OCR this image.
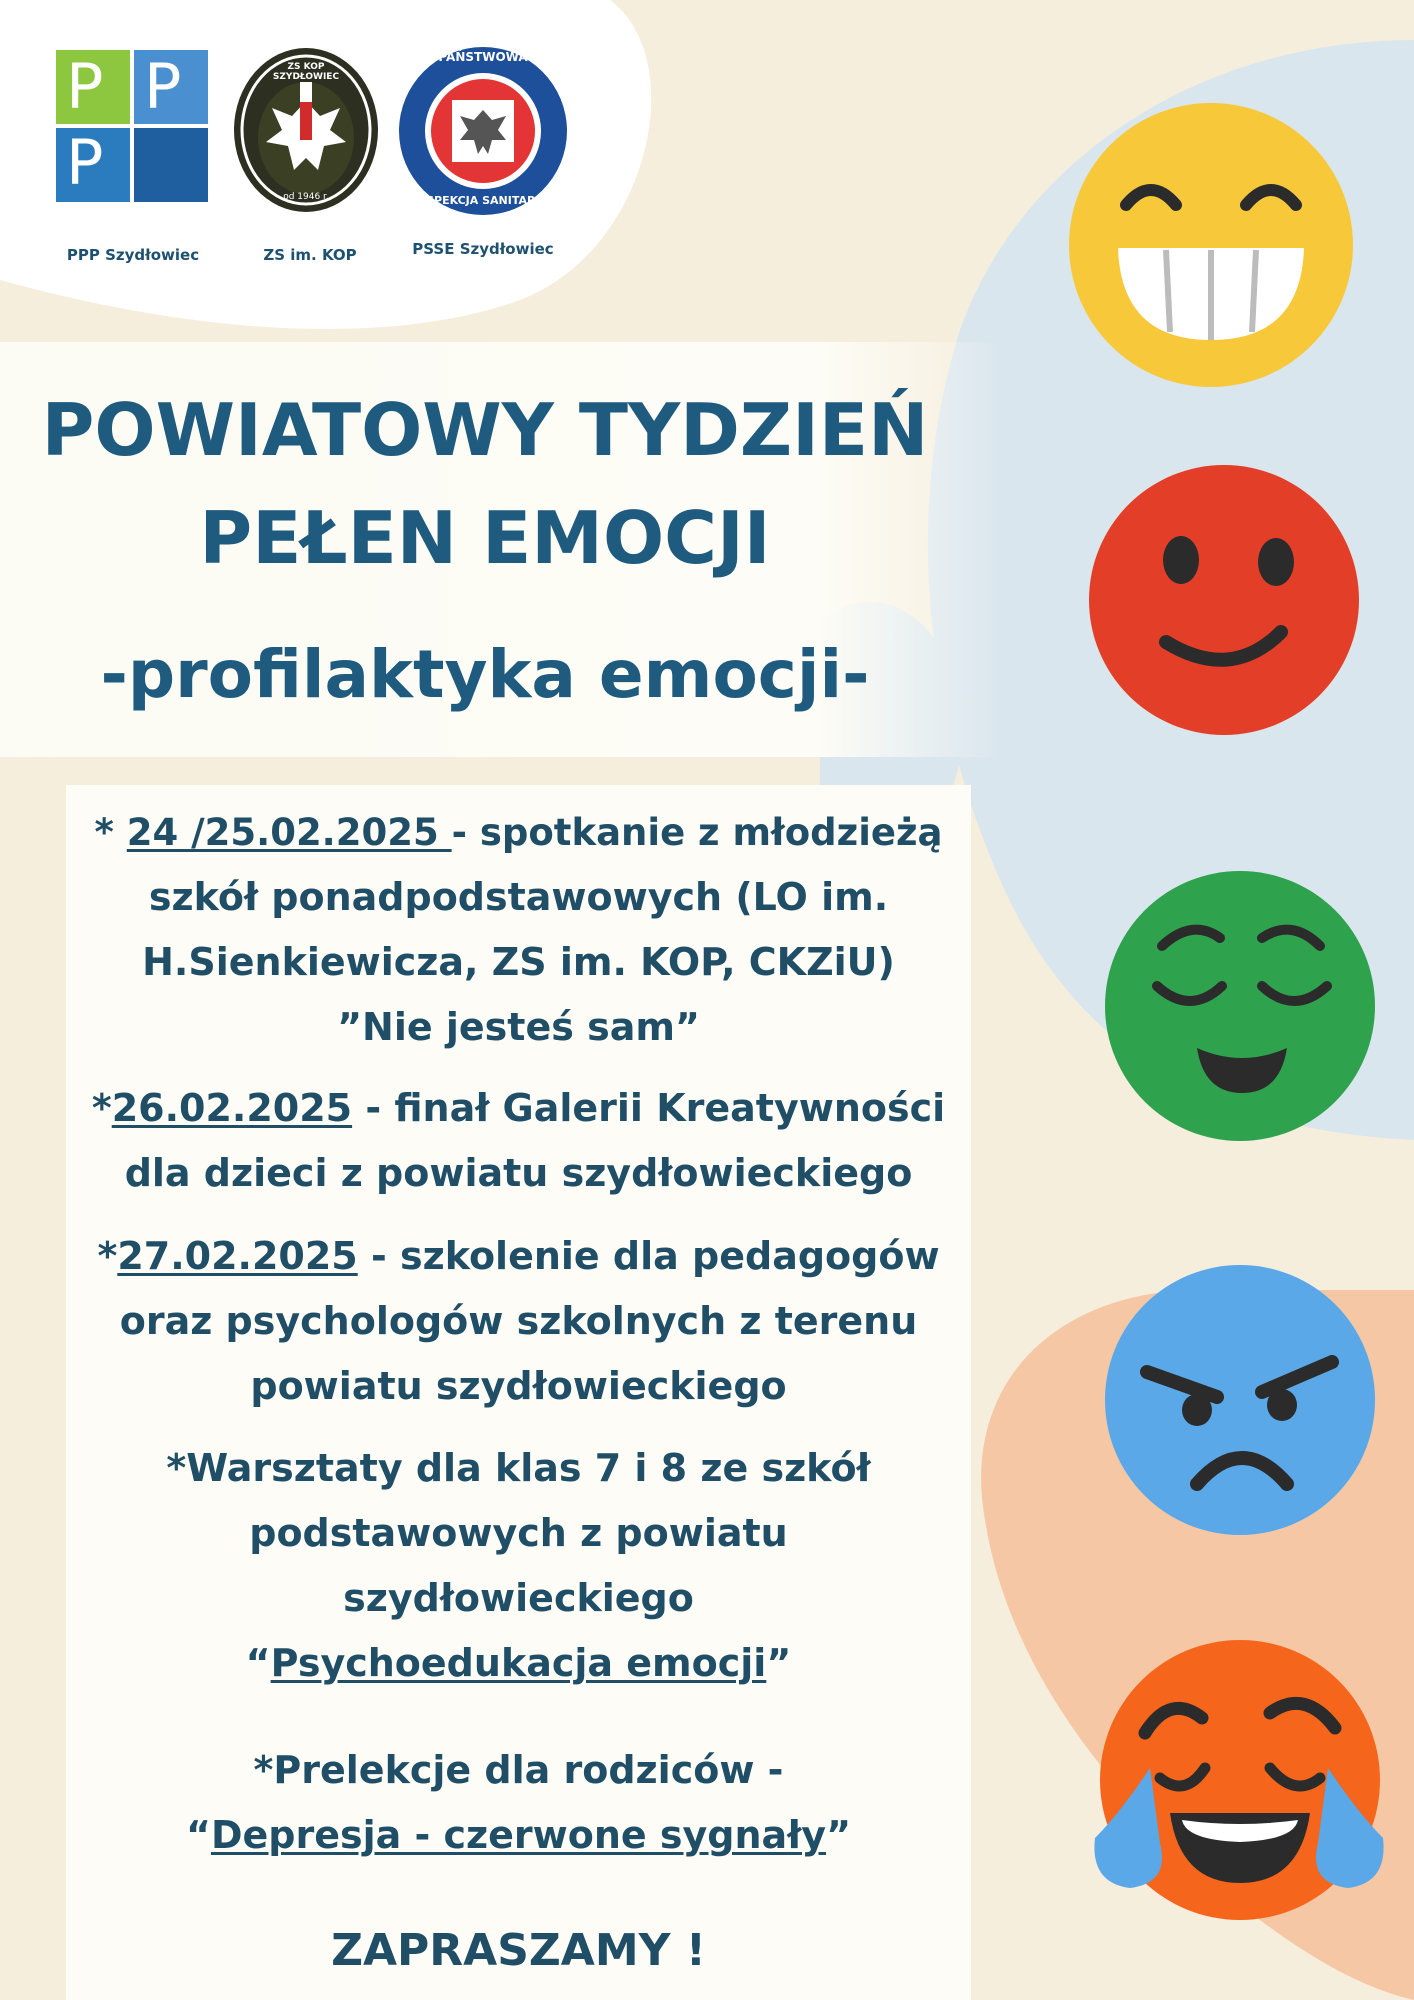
P P
P
PPP Szydłowiec
ZS KOP SZYDŁOWIEC
od 1946 r.
ZS im. KOP
PAŃSTWOWA
INSPEKCJA SANITARNA
PSSE Szydłowiec
POWIATOWY TYDZIEŃ
PEŁEN EMOCJI
-profilaktyka emocji-
* 24 /25.02.2025 - spotkanie z młodzieżą
szkół ponadpodstawowych (LO im.
H.Sienkiewicza, ZS im. KOP, CKZiU)
”Nie jesteś sam”
*26.02.2025 - finał Galerii Kreatywności
dla dzieci z powiatu szydłowieckiego
*27.02.2025 - szkolenie dla pedagogów
oraz psychologów szkolnych z terenu
powiatu szydłowieckiego
*Warsztaty dla klas 7 i 8 ze szkół
podstawowych z powiatu
szydłowieckiego
“Psychoedukacja emocji”
*Prelekcje dla rodziców -
“Depresja - czerwone sygnały”
ZAPRASZAMY !
